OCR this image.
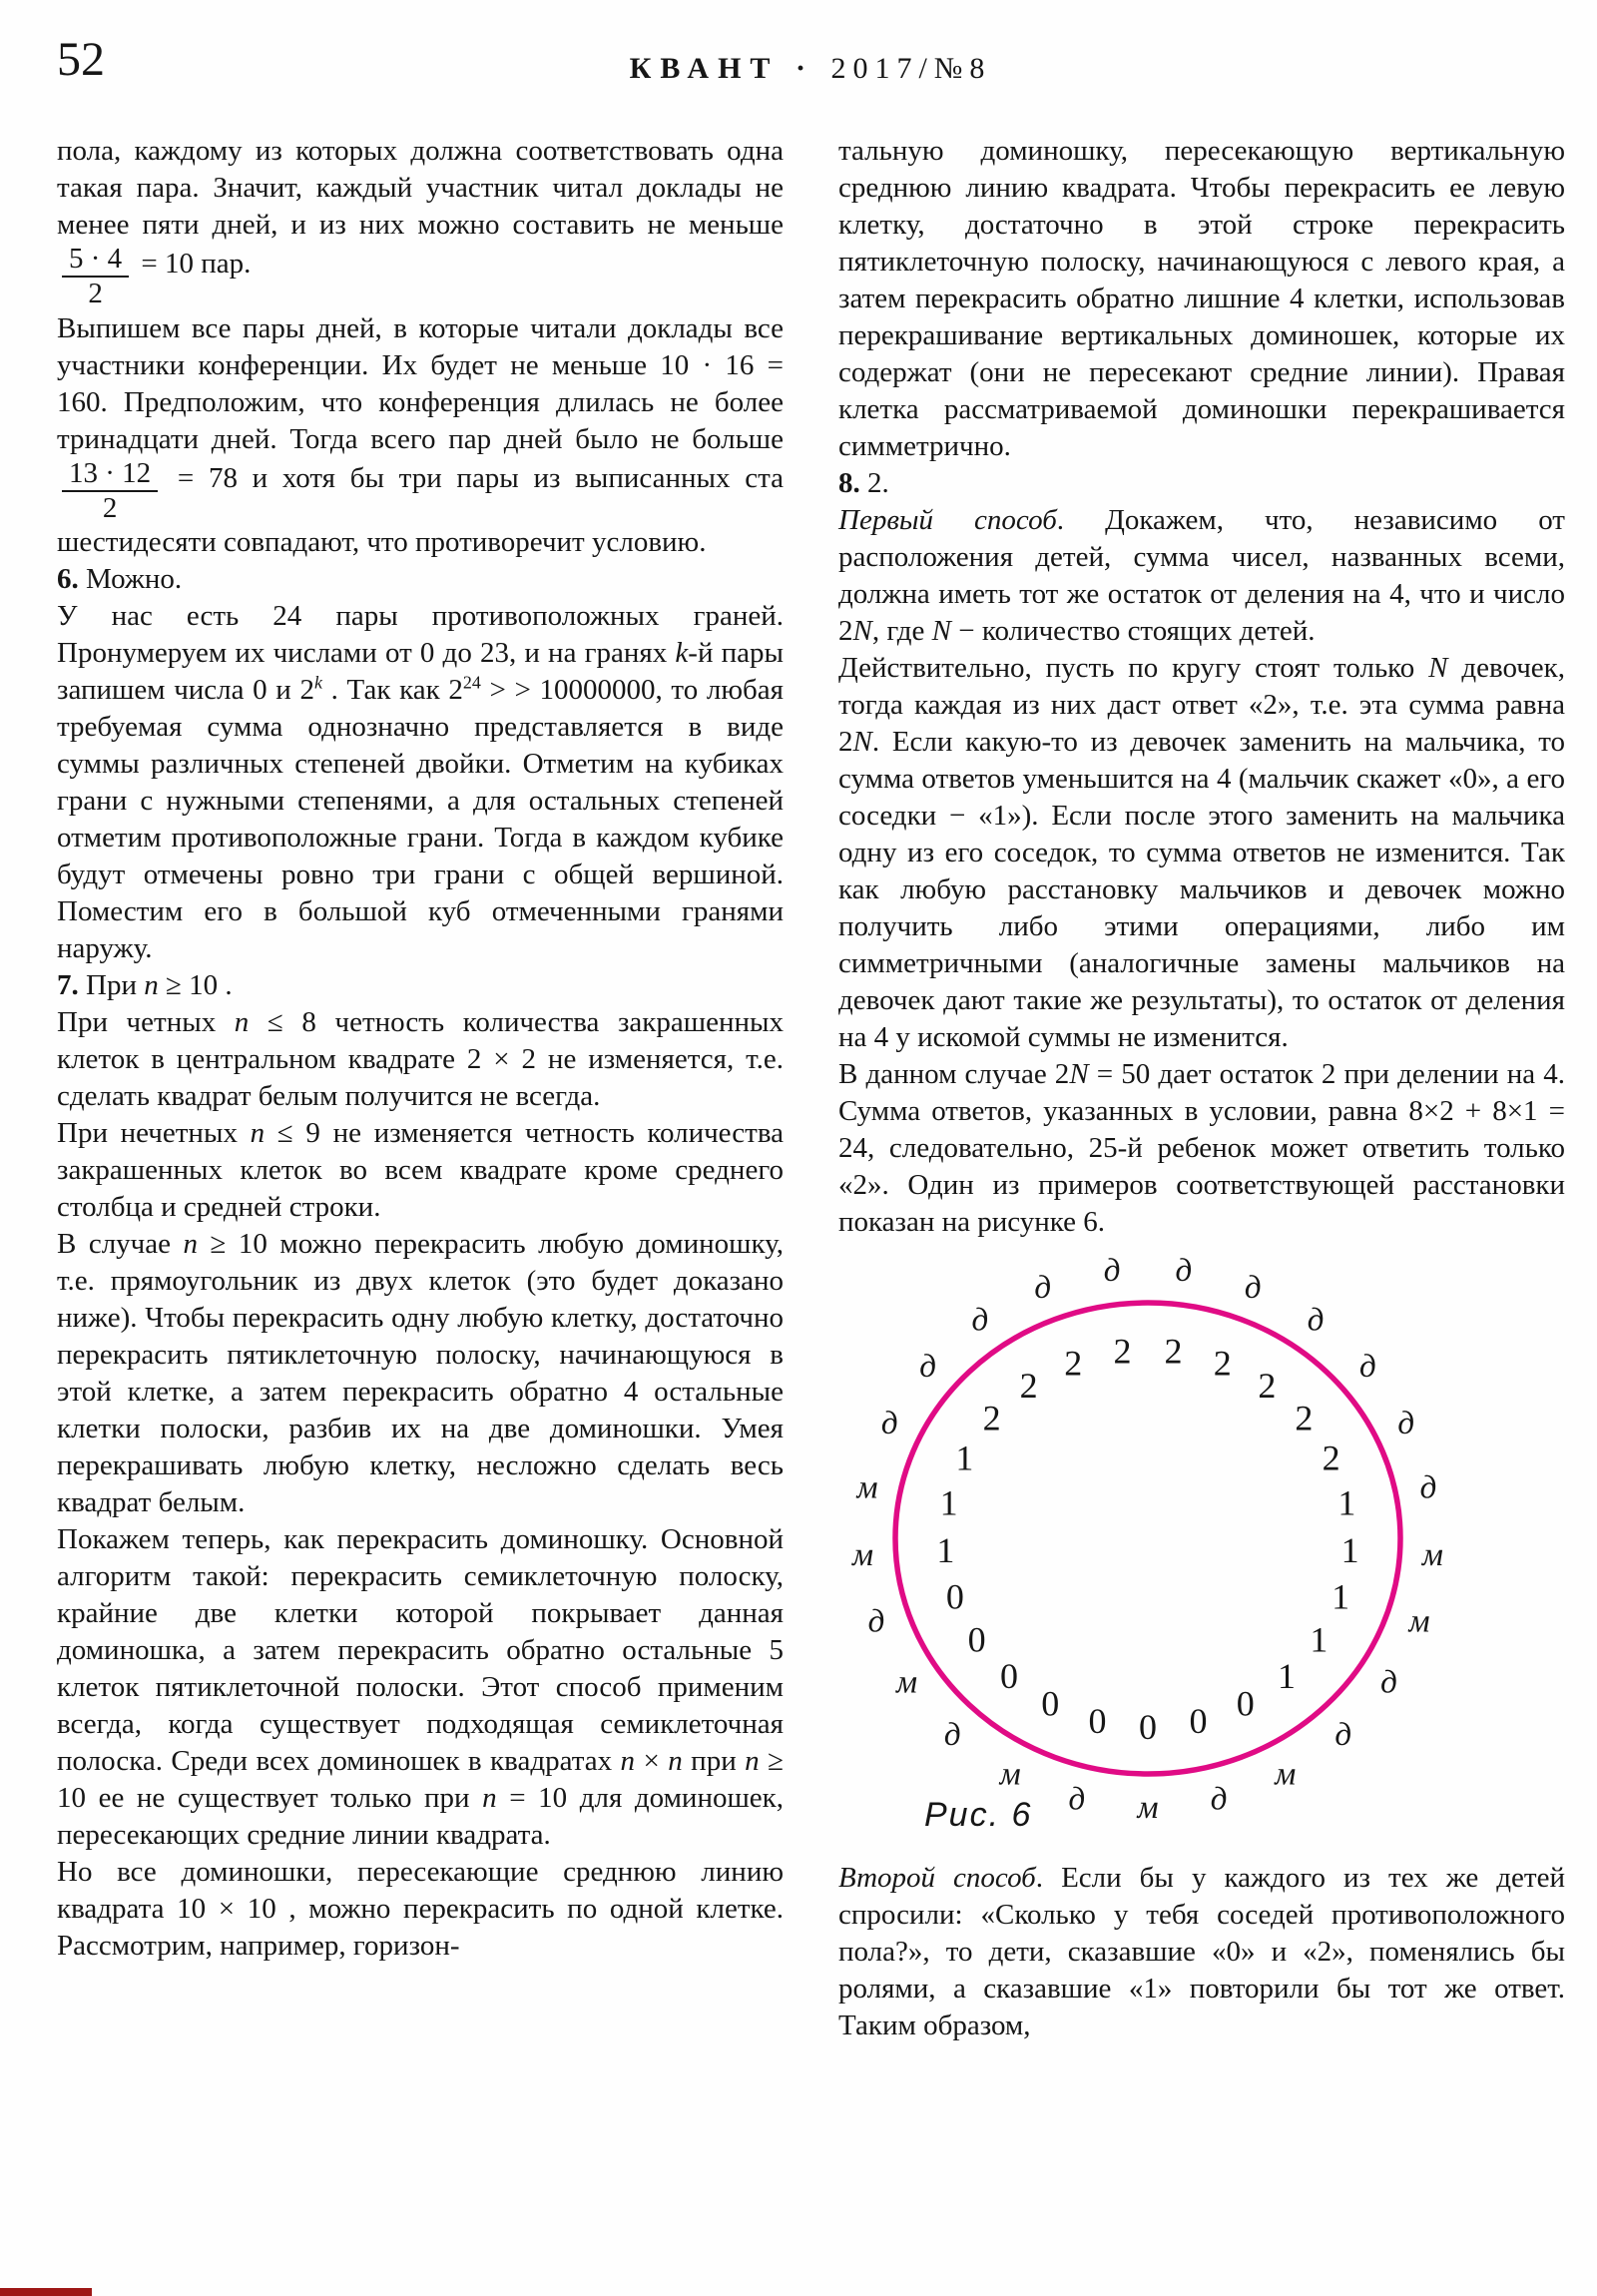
52	КВАНТ · 2017/№8

пола, каждому из которых должна соответствовать одна такая пара. Значит, каждый участник читал доклады не менее пяти дней, и из них можно составить не меньше
$\frac{5 \cdot 4}{2} = 10$ пар.

Выпишем все пары дней, в которые читали доклады все участники конференции. Их будет не меньше 10 · 16 = 160. Предположим, что конференция длилась не более тринадцати дней. Тогда всего пар дней было не больше
$\frac{13 \cdot 12}{2} = 78$ и хотя бы три пары из выписанных ста шестидесяти совпадают, что противоречит условию.

6. Можно.

У нас есть 24 пары противоположных граней. Пронумеруем их числами от 0 до 23, и на гранях k-й пары запишем числа 0 и 2$^k$ . Так как $2^{24}$ > > 10000000, то любая требуемая сумма однозначно представляется в виде суммы различных степеней двойки. Отметим на кубиках грани с нужными степенями, а для остальных степеней отметим противоположные грани. Тогда в каждом кубике будут отмечены ровно три грани с общей вершиной. Поместим его в большой куб отмеченными гранями наружу.

7. При n ≥ 10 .

При четных n ≤ 8 четность количества закрашенных клеток в центральном квадрате 2 × 2 не изменяется, т.е. сделать квадрат белым получится не всегда.

При нечетных n ≤ 9 не изменяется четность количества закрашенных клеток во всем квадрате кроме среднего столбца и средней строки.

В случае n ≥ 10 можно перекрасить любую доминошку, т.е. прямоугольник из двух клеток (это будет доказано ниже). Чтобы перекрасить одну любую клетку, достаточно перекрасить пятиклеточную полоску, начинающуюся в этой клетке, а затем перекрасить обратно 4 остальные клетки полоски, разбив их на две доминошки. Умея перекрашивать любую клетку, несложно сделать весь квадрат белым.

Покажем теперь, как перекрасить доминошку. Основной алгоритм такой: перекрасить семиклеточную полоску, крайние две клетки которой покрывает данная доминошка, а затем перекрасить обратно остальные 5 клеток пятиклеточной полоски. Этот способ применим всегда, когда существует подходящая семиклеточная полоска. Среди всех доминошек в квадратах n × n при n ≥ 10 ее не существует только при n = 10 для доминошек, пересекающих средние линии квадрата.

Но все доминошки, пересекающие среднюю линию квадрата 10 × 10 , можно перекрасить по одной клетке. Рассмотрим, например, горизон-

тальную доминошку, пересекающую вертикальную среднюю линию квадрата. Чтобы перекрасить ее левую клетку, достаточно в этой строке перекрасить пятиклеточную полоску, начинающуюся с левого края, а затем перекрасить обратно лишние 4 клетки, использовав перекрашивание вертикальных доминошек, которые их содержат (они не пересекают средние линии). Правая клетка рассматриваемой доминошки перекрашивается симметрично.

8. 2.

Первый способ. Докажем, что, независимо от расположения детей, сумма чисел, названных всеми, должна иметь тот же остаток от деления на 4, что и число 2N, где N − количество стоящих детей.

Действительно, пусть по кругу стоят только N девочек, тогда каждая из них даст ответ «2», т.е. эта сумма равна 2N. Если какую-то из девочек заменить на мальчика, то сумма ответов уменьшится на 4 (мальчик скажет «0», а его соседки − «1»). Если после этого заменить на мальчика одну из его соседок, то сумма ответов не изменится. Так как любую расстановку мальчиков и девочек можно получить либо этими операциями, либо им симметричными (аналогичные замены мальчиков на девочек дают такие же результаты), то остаток от деления на 4 у искомой суммы не изменится.

В данном случае 2N = 50 дает остаток 2 при делении на 4. Сумма ответов, указанных в условии, равна 8×2 + 8×1 = 24, следовательно, 25-й ребенок может ответить только «2». Один из примеров соответствующей расстановки показан на рисунке 6.

м
0
д
0
м
0
д
0
м
0
д
0
м 1
м 1
д
1
д
2
д
2
д
2
д
2
д
2
д
2
д
2	д
2	д
2
д
1
м
1
м
1
д
1
д
1
м
0
д
0
Рис. 6

Второй способ. Если бы у каждого из тех же детей спросили: «Сколько у тебя соседей противоположного пола?», то дети, сказавшие «0» и «2», поменялись бы ролями, а сказавшие «1» повторили бы тот же ответ. Таким образом,
